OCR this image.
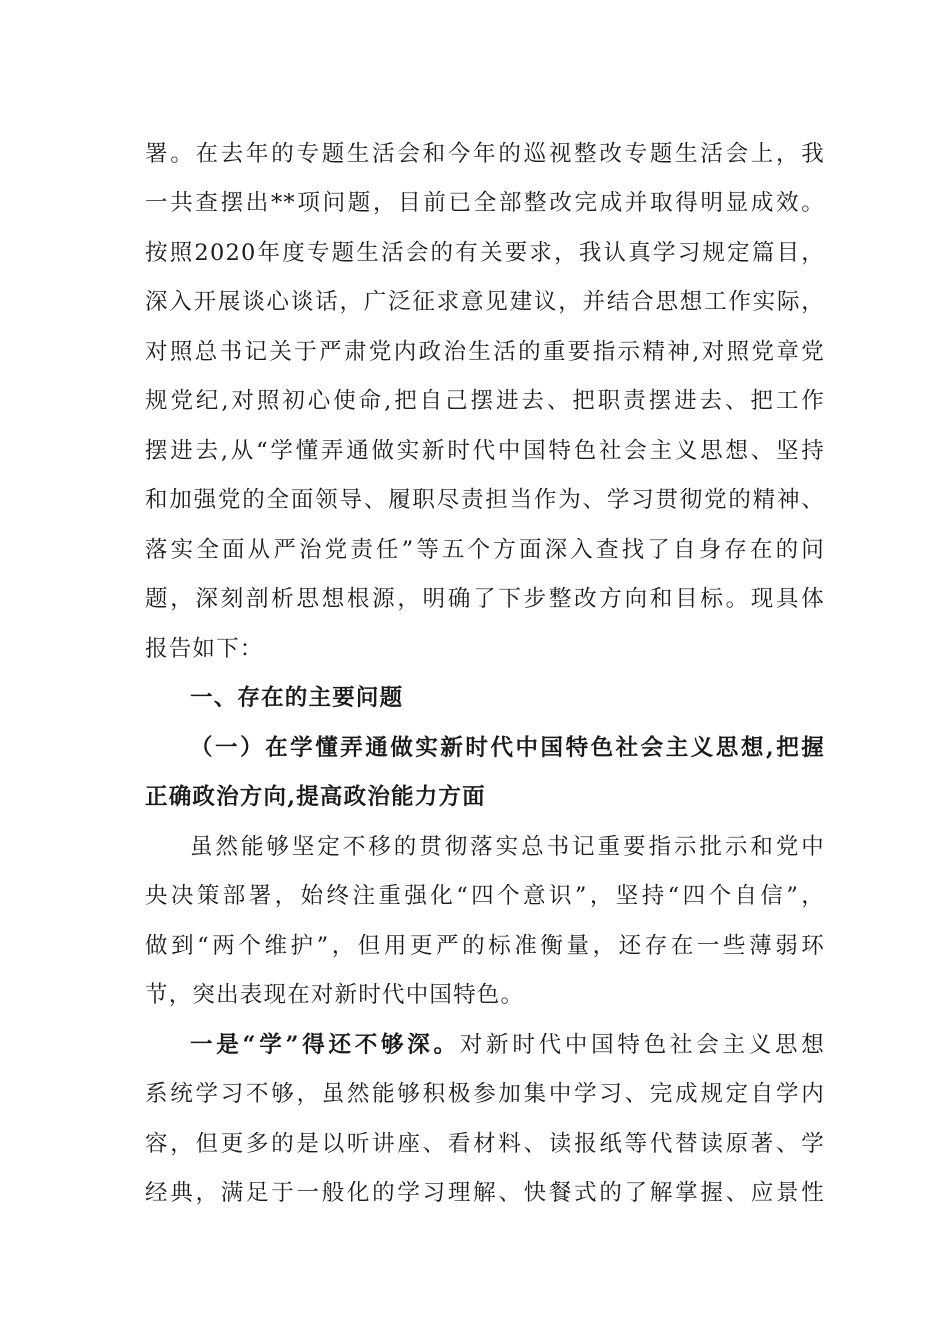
署。在去年的专题生活会和今年的巡视整改专题生活会上，我
一共查摆出**项问题，目前已全部整改完成并取得明显成效。
按照2020年度专题生活会的有关要求，我认真学习规定篇目，
深入开展谈心谈话，广泛征求意见建议，并结合思想工作实际，
对照总书记关于严肃党内政治生活的重要指示精神,对照党章党
规党纪,对照初心使命,把自己摆进去、把职责摆进去、把工作
摆进去,从“学懂弄通做实新时代中国特色社会主义思想、坚持
和加强党的全面领导、履职尽责担当作为、学习贯彻党的精神、
落实全面从严治党责任”等五个方面深入查找了自身存在的问
题，深刻剖析思想根源，明确了下步整改方向和目标。现具体
报告如下：
一、存在的主要问题
（一）在学懂弄通做实新时代中国特色社会主义思想,把握
正确政治方向,提高政治能力方面
虽然能够坚定不移的贯彻落实总书记重要指示批示和党中
央决策部署，始终注重强化“四个意识”，坚持“四个自信”，
做到“两个维护”，但用更严的标准衡量，还存在一些薄弱环
节，突出表现在对新时代中国特色。
一是“学”得还不够深。对新时代中国特色社会主义思想
系统学习不够，虽然能够积极参加集中学习、完成规定自学内
容，但更多的是以听讲座、看材料、读报纸等代替读原著、学
经典，满足于一般化的学习理解、快餐式的了解掌握、应景性
